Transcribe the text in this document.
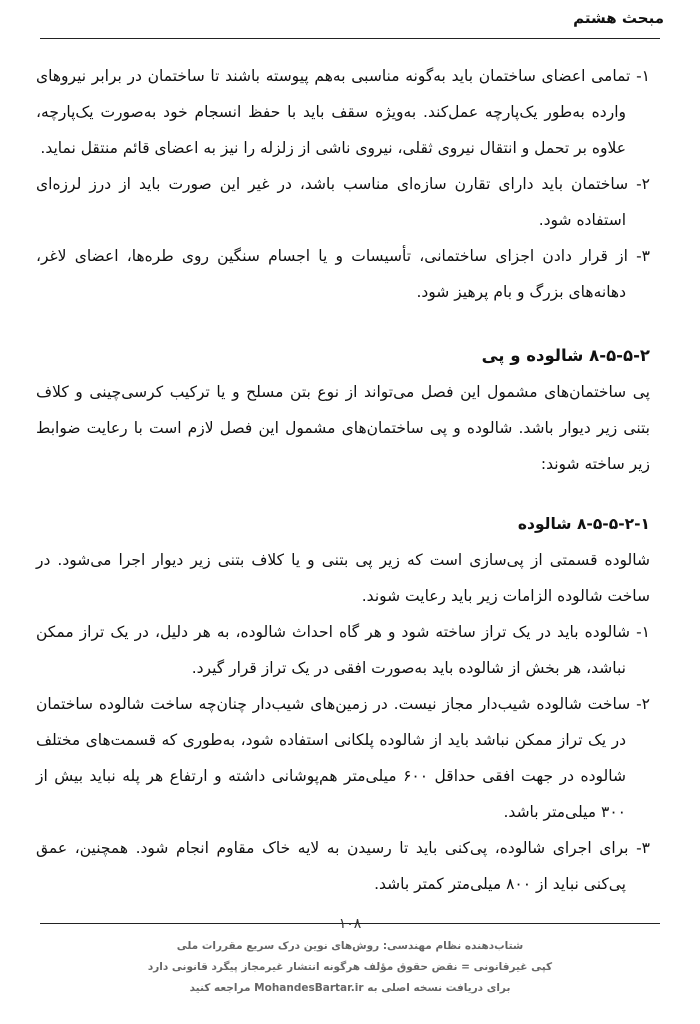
مبحث هشتم

۱- تمامی اعضای ساختمان باید به‌گونه مناسبی به‌هم پیوسته باشند تا ساختمان در برابر نیروهای وارده به‌طور یک‌پارچه عمل‌کند. به‌ویژه سقف باید با حفظ انسجام خود به‌صورت یک‌پارچه، علاوه بر تحمل و انتقال نیروی ثقلی، نیروی ناشی از زلزله را نیز به اعضای قائم منتقل نماید.

۲- ساختمان باید دارای تقارن سازه‌ای مناسب باشد، در غیر این صورت باید از درز لرزه‌ای استفاده شود.

۳- از قرار دادن اجزای ساختمانی، تأسیسات و یا اجسام سنگین روی طره‌ها، اعضای لاغر، دهانه‌های بزرگ و بام پرهیز شود.

۸-۵-۵-۲ شالوده و پی

پی ساختمان‌های مشمول این فصل می‌تواند از نوع بتن مسلح و یا ترکیب کرسی‌چینی و کلاف بتنی زیر دیوار باشد. شالوده و پی ساختمان‌های مشمول این فصل لازم است با رعایت ضوابط زیر ساخته شوند:

۸-۵-۵-۲-۱ شالوده

شالوده قسمتی از پی‌سازی است که زیر پی بتنی و یا کلاف بتنی زیر دیوار اجرا می‌شود. در ساخت شالوده الزامات زیر باید رعایت شوند.

۱- شالوده باید در یک تراز ساخته شود و هر گاه احداث شالوده، به هر دلیل، در یک تراز ممکن نباشد، هر بخش از شالوده باید به‌صورت افقی در یک تراز قرار گیرد.

۲- ساخت شالوده شیب‌دار مجاز نیست. در زمین‌های شیب‌دار چنان‌چه ساخت شالوده ساختمان در یک تراز ممکن نباشد باید از شالوده پلکانی استفاده شود، به‌طوری که قسمت‌های مختلف شالوده در جهت افقی حداقل ۶۰۰ میلی‌متر هم‌پوشانی داشته و ارتفاع هر پله نباید بیش از ۳۰۰ میلی‌متر باشد.

۳- برای اجرای شالوده، پی‌کنی باید تا رسیدن به لایه خاک مقاوم انجام شود. همچنین، عمق پی‌کنی نباید از ۸۰۰ میلی‌متر کمتر باشد.

۱۰۸
شتاب‌دهنده نظام مهندسی: روش‌های نوین درک سریع مقررات ملی
کپی غیرقانونی = نقض حقوق مؤلف هرگونه انتشار غیرمجاز پیگرد قانونی دارد
برای دریافت نسخه اصلی به MohandesBartar.ir مراجعه کنید
